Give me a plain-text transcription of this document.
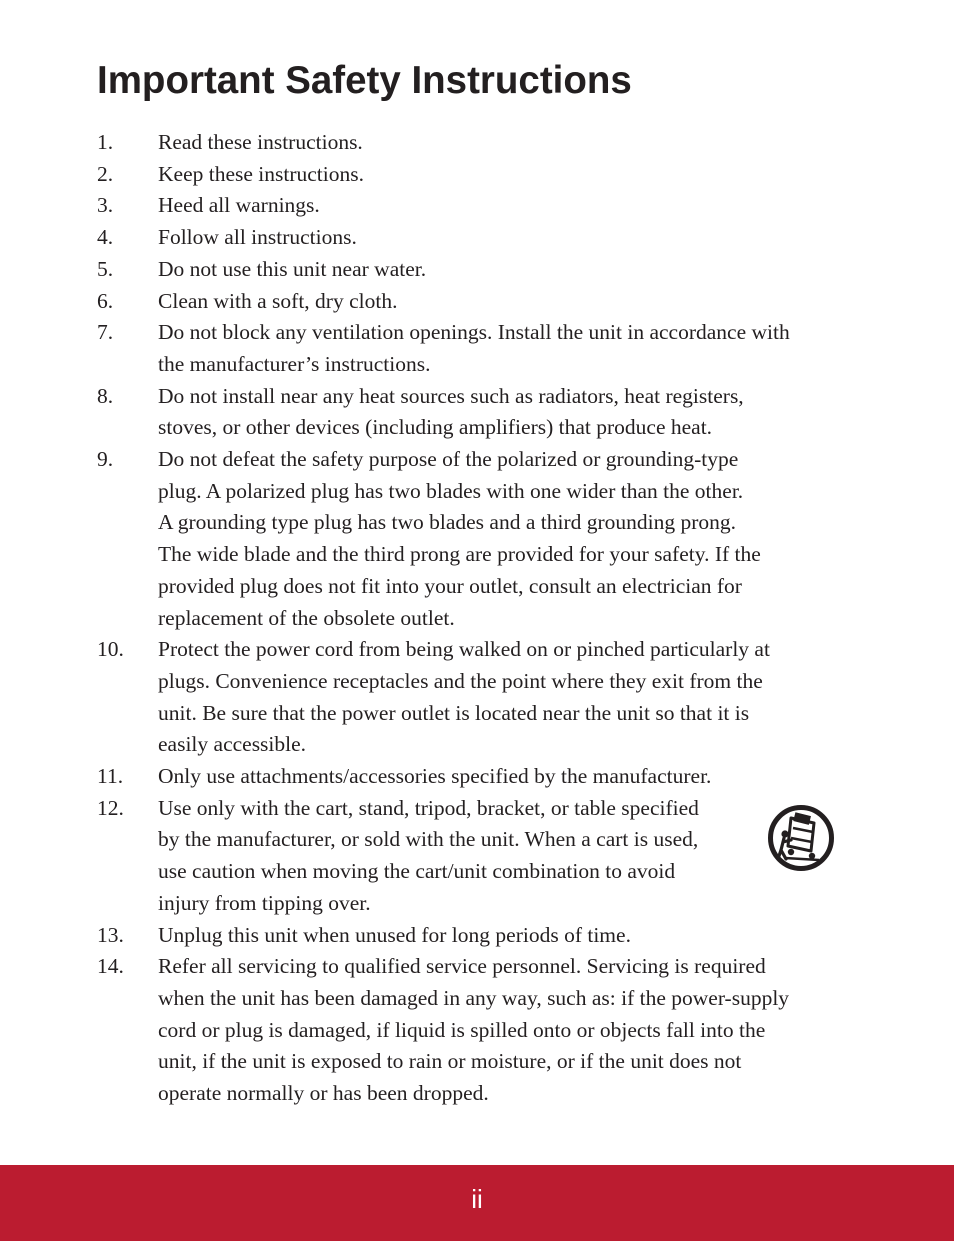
Important Safety Instructions
1. Read these instructions.
2. Keep these instructions.
3. Heed all warnings.
4. Follow all instructions.
5. Do not use this unit near water.
6. Clean with a soft, dry cloth.
7. Do not block any ventilation openings. Install the unit in accordance with
the manufacturer’s instructions.
8. Do not install near any heat sources such as radiators, heat registers,
stoves, or other devices (including amplifiers) that produce heat.
9. Do not defeat the safety purpose of the polarized or grounding-type
plug. A polarized plug has two blades with one wider than the other.
A grounding type plug has two blades and a third grounding prong.
The wide blade and the third prong are provided for your safety. If the
provided plug does not fit into your outlet, consult an electrician for
replacement of the obsolete outlet.
10. Protect the power cord from being walked on or pinched particularly at
plugs. Convenience receptacles and the point where they exit from the
unit. Be sure that the power outlet is located near the unit so that it is
easily accessible.
11. Only use attachments/accessories specified by the manufacturer.
12. Use only with the cart, stand, tripod, bracket, or table specified
by the manufacturer, or sold with the unit. When a cart is used,
use caution when moving the cart/unit combination to avoid
injury from tipping over.
13. Unplug this unit when unused for long periods of time.
14. Refer all servicing to qualified service personnel. Servicing is required
when the unit has been damaged in any way, such as: if the power-supply
cord or plug is damaged, if liquid is spilled onto or objects fall into the
unit, if the unit is exposed to rain or moisture, or if the unit does not
operate normally or has been dropped.
ii
